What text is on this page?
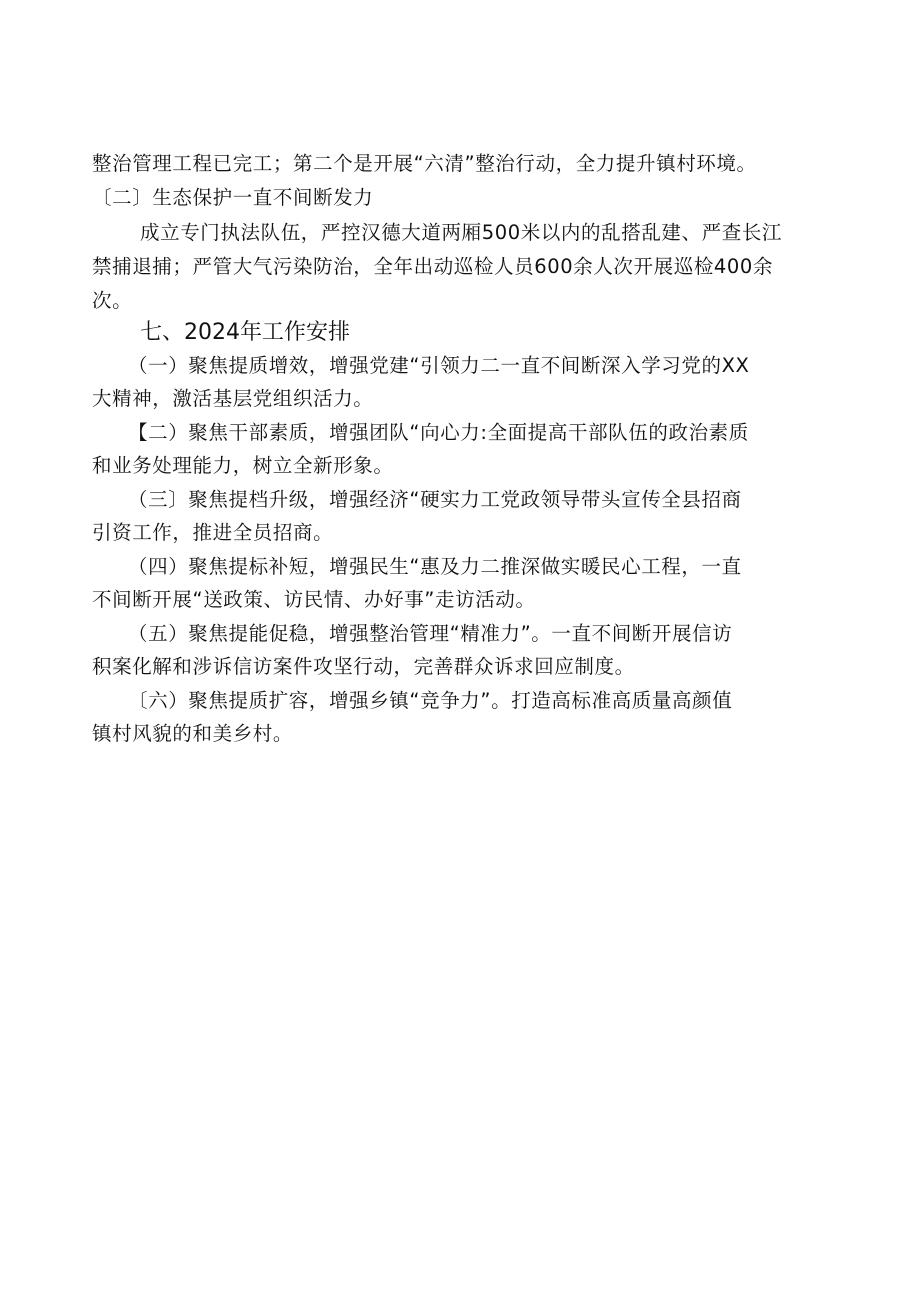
整治管理工程已完工；第二个是开展“六清”整治行动，全力提升镇村环境。
〔二〕生态保护一直不间断发力
成立专门执法队伍，严控汉德大道两厢500米以内的乱搭乱建、严查长江
禁捕退捕；严管大气污染防治，全年出动巡检人员600余人次开展巡检400余
次。
七、2024年工作安排
（一）聚焦提质增效，增强党建“引领力二一直不间断深入学习党的XX
大精神，激活基层党组织活力。
【二）聚焦干部素质，增强团队“向心力:全面提高干部队伍的政治素质
和业务处理能力，树立全新形象。
（三〕聚焦提档升级，增强经济“硬实力工党政领导带头宣传全县招商
引资工作，推进全员招商。
（四）聚焦提标补短，增强民生“惠及力二推深做实暖民心工程，一直
不间断开展“送政策、访民情、办好事”走访活动。
（五）聚焦提能促稳，增强整治管理“精准力”。一直不间断开展信访
积案化解和涉诉信访案件攻坚行动，完善群众诉求回应制度。
〔六）聚焦提质扩容，增强乡镇“竞争力”。打造高标准高质量高颜值
镇村风貌的和美乡村。
